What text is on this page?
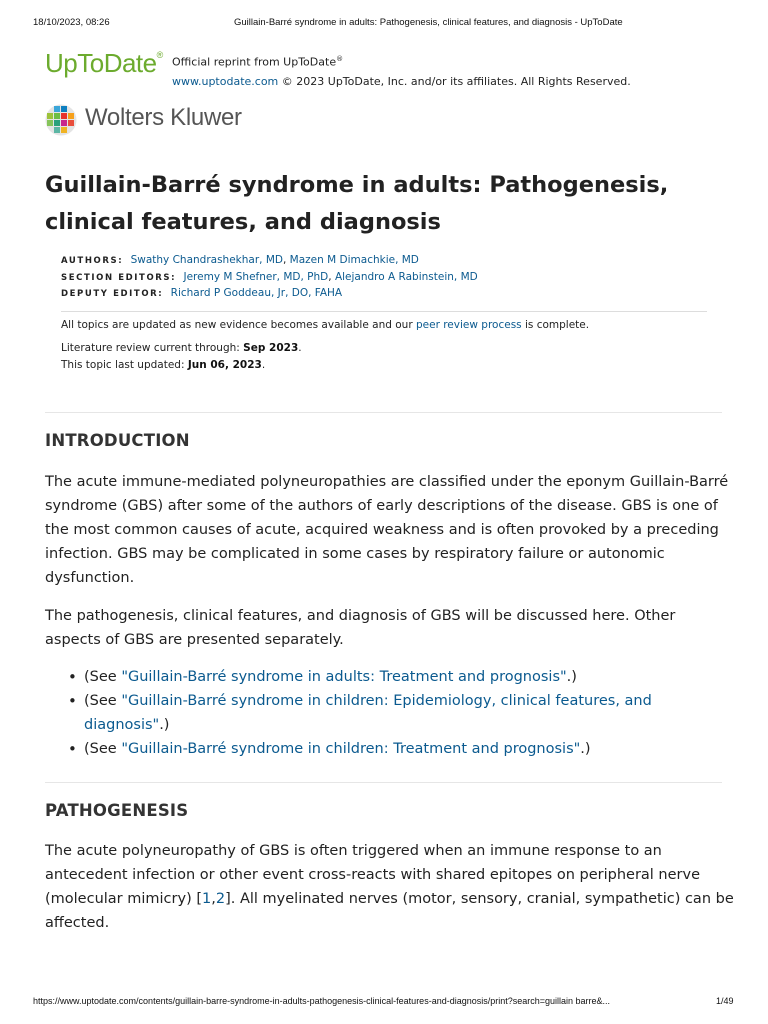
18/10/2023, 08:26	Guillain-Barré syndrome in adults: Pathogenesis, clinical features, and diagnosis - UpToDate
UpToDate®
Official reprint from UpToDate®
www.uptodate.com © 2023 UpToDate, Inc. and/or its affiliates. All Rights Reserved.
Wolters Kluwer
Guillain-Barré syndrome in adults: Pathogenesis, clinical features, and diagnosis
AUTHORS: Swathy Chandrashekhar, MD, Mazen M Dimachkie, MD
SECTION EDITORS: Jeremy M Shefner, MD, PhD, Alejandro A Rabinstein, MD
DEPUTY EDITOR: Richard P Goddeau, Jr, DO, FAHA
All topics are updated as new evidence becomes available and our peer review process is complete.
Literature review current through: Sep 2023.
This topic last updated: Jun 06, 2023.
INTRODUCTION

The acute immune-mediated polyneuropathies are classified under the eponym Guillain-Barré syndrome (GBS) after some of the authors of early descriptions of the disease. GBS is one of the most common causes of acute, acquired weakness and is often provoked by a preceding infection. GBS may be complicated in some cases by respiratory failure or autonomic dysfunction.

The pathogenesis, clinical features, and diagnosis of GBS will be discussed here. Other aspects of GBS are presented separately.

• (See "Guillain-Barré syndrome in adults: Treatment and prognosis".)
• (See "Guillain-Barré syndrome in children: Epidemiology, clinical features, and diagnosis".)
• (See "Guillain-Barré syndrome in children: Treatment and prognosis".)
PATHOGENESIS

The acute polyneuropathy of GBS is often triggered when an immune response to an antecedent infection or other event cross-reacts with shared epitopes on peripheral nerve (molecular mimicry) [1,2]. All myelinated nerves (motor, sensory, cranial, sympathetic) can be affected.

https://www.uptodate.com/contents/guillain-barre-syndrome-in-adults-pathogenesis-clinical-features-and-diagnosis/print?search=guillain barre&...	1/49
